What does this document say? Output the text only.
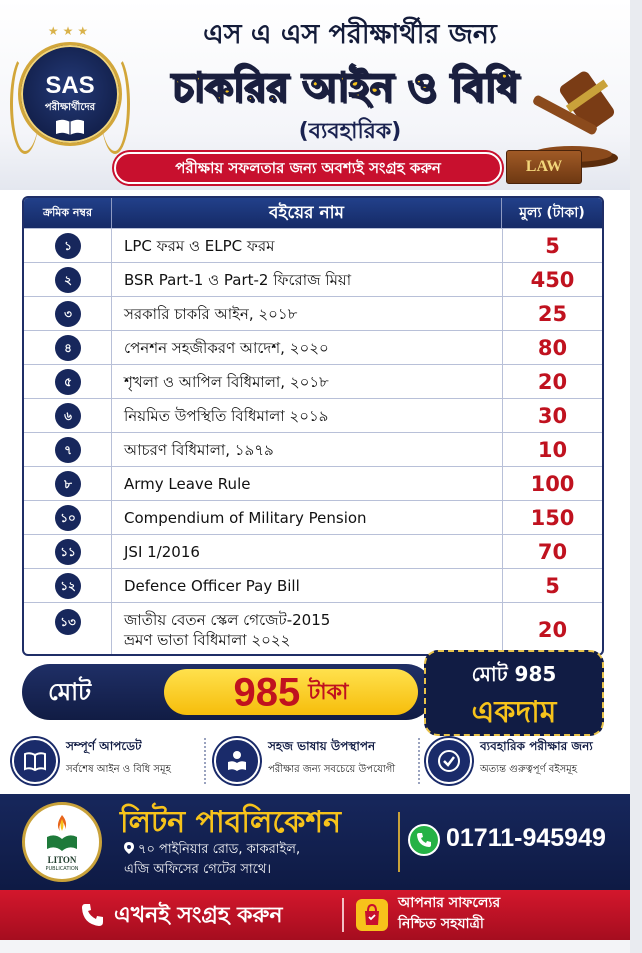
★★★
SAS
পরীক্ষার্থীদের
এস এ এস পরীক্ষার্থীর জন্য
চাকরির আইন ও বিধি
(ব্যবহারিক)
পরীক্ষায় সফলতার জন্য অবশ্যই সংগ্রহ করুন	LAW
ক্রমিক নম্বর	বইয়ের নাম	মুল্য (টাকা)
১	LPC ফরম ও ELPC ফরম	5
২	BSR Part-1 ও Part-2 ফিরোজ মিয়া	450
৩	সরকারি চাকরি আইন, ২০১৮	25
৪	পেনশন সহজীকরণ আদেশ, ২০২০	80
৫	শৃখলা ও আপিল বিধিমালা, ২০১৮	20
৬	নিয়মিত উপস্থিতি বিধিমালা ২০১৯	30
৭	আচরণ বিধিমালা, ১৯৭৯	10
৮	Army Leave Rule	100
১০	Compendium of Military Pension	150
১১	JSI 1/2016	70
১২	Defence Officer Pay Bill	5
১৩	জাতীয় বেতন স্কেল গেজেট-2015
ভ্রমণ ভাতা বিধিমালা ২০২২	20
মোট	985 টাকা
মোট 985
একদাম
সম্পূর্ণ আপডেট
সর্বশেষ আইন ও বিধি সমূহ
সহজ ভাষায় উপস্থাপন
পরীক্ষার জন্য সবচেয়ে উপযোগী
ব্যবহারিক পরীক্ষার জন্য
অত্যন্ত গুরুত্বপূর্ণ বইসমূহ
LITON
PUBLICATION
লিটন পাবলিকেশন
৭০ পাইনিয়ার রোড, কাকরাইল,
এজি অফিসের গেটের সাথে।
01711-945949
এখনই সংগ্রহ করুন	আপনার সাফল্যের
নিশ্চিত সহযাত্রী
